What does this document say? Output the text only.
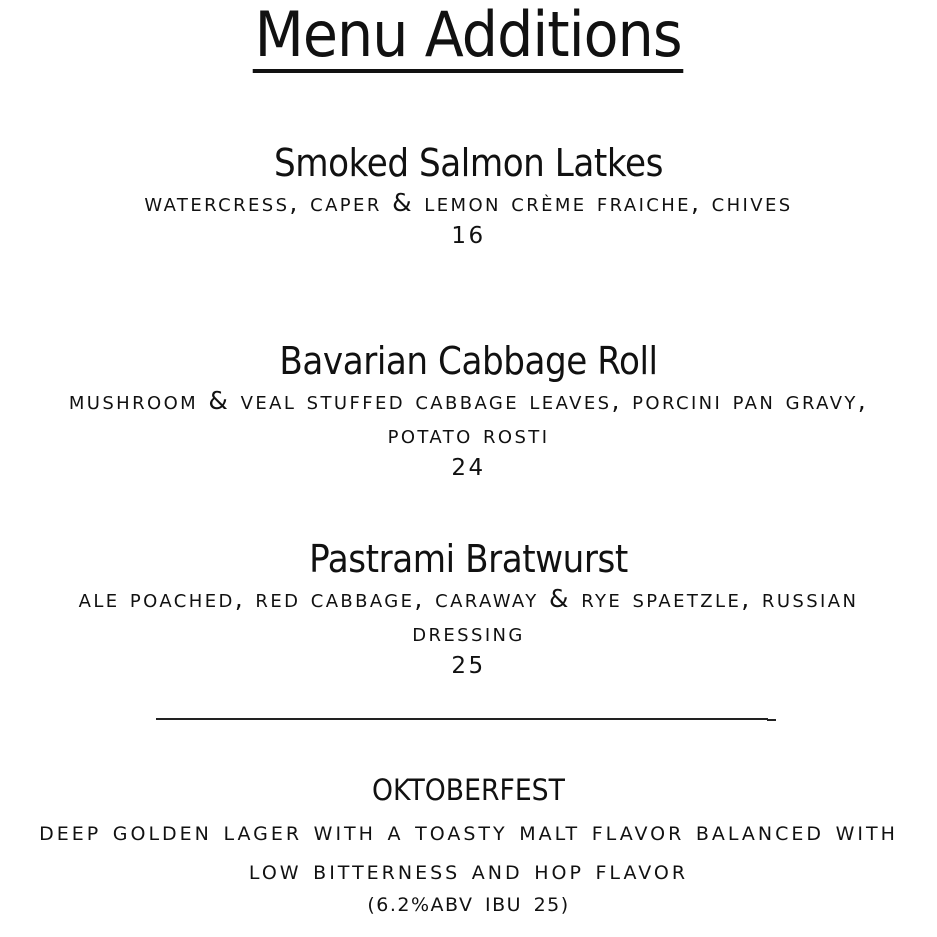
Menu Additions
Smoked Salmon Latkes
watercress, caper & lemon crème fraiche, chives
16
Bavarian Cabbage Roll
mushroom & veal stuffed cabbage leaves, porcini pan gravy, potato rosti
24
Pastrami Bratwurst
ale poached, red cabbage, caraway & rye spaetzle, russian dressing
25
OKTOBERFEST
deep golden lager with a toasty malt flavor balanced with low bitterness and hop flavor
(6.2%ABV IBU 25)
